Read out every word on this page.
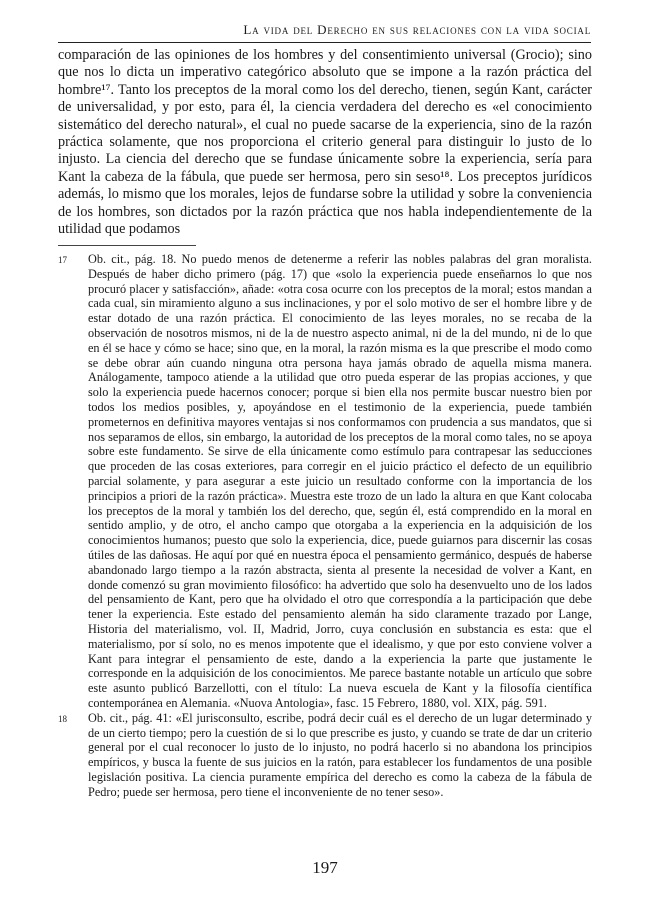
La vida del Derecho en sus relaciones con la vida social

comparación de las opiniones de los hombres y del consentimiento universal (Grocio); sino que nos lo dicta un imperativo categórico absoluto que se impone a la razón práctica del hombre¹⁷. Tanto los preceptos de la moral como los del derecho, tienen, según Kant, carácter de universalidad, y por esto, para él, la ciencia verdadera del derecho es «el conocimiento sistemático del derecho natural», el cual no puede sacarse de la experiencia, sino de la razón práctica solamente, que nos proporciona el criterio general para distinguir lo justo de lo injusto. La ciencia del derecho que se fundase únicamente sobre la experiencia, sería para Kant la cabeza de la fábula, que puede ser hermosa, pero sin seso¹⁸. Los preceptos jurídicos además, lo mismo que los morales, lejos de fundarse sobre la utilidad y sobre la conveniencia de los hombres, son dictados por la razón práctica que nos habla independientemente de la utilidad que podamos

17	Ob. cit., pág. 18. No puedo menos de detenerme a referir las nobles palabras del gran moralista. Después de haber dicho primero (pág. 17) que «solo la experiencia puede enseñarnos lo que nos procuró placer y satisfacción», añade: «otra cosa ocurre con los preceptos de la moral; estos mandan a cada cual, sin miramiento alguno a sus inclinaciones, y por el solo motivo de ser el hombre libre y de estar dotado de una razón práctica. El conocimiento de las leyes morales, no se recaba de la observación de nosotros mismos, ni de la de nuestro aspecto animal, ni de la del mundo, ni de lo que en él se hace y cómo se hace; sino que, en la moral, la razón misma es la que prescribe el modo como se debe obrar aún cuando ninguna otra persona haya jamás obrado de aquella misma manera. Análogamente, tampoco atiende a la utilidad que otro pueda esperar de las propias acciones, y que solo la experiencia puede hacernos conocer; porque si bien ella nos permite buscar nuestro bien por todos los medios posibles, y, apoyándose en el testimonio de la experiencia, puede también prometernos en definitiva mayores ventajas si nos conformamos con prudencia a sus mandatos, que si nos separamos de ellos, sin embargo, la autoridad de los preceptos de la moral como tales, no se apoya sobre este fundamento. Se sirve de ella únicamente como estímulo para contrapesar las seducciones que proceden de las cosas exteriores, para corregir en el juicio práctico el defecto de un equilibrio parcial solamente, y para asegurar a este juicio un resultado conforme con la importancia de los principios a priori de la razón práctica». Muestra este trozo de un lado la altura en que Kant colocaba los preceptos de la moral y también los del derecho, que, según él, está comprendido en la moral en sentido amplio, y de otro, el ancho campo que otorgaba a la experiencia en la adquisición de los conocimientos humanos; puesto que solo la experiencia, dice, puede guiarnos para discernir las cosas útiles de las dañosas. He aquí por qué en nuestra época el pensamiento germánico, después de haberse abandonado largo tiempo a la razón abstracta, sienta al presente la necesidad de volver a Kant, en donde comenzó su gran movimiento filosófico: ha advertido que solo ha desenvuelto uno de los lados del pensamiento de Kant, pero que ha olvidado el otro que correspondía a la participación que debe tener la experiencia. Este estado del pensamiento alemán ha sido claramente trazado por Lange, Historia del materialismo, vol. II, Madrid, Jorro, cuya conclusión en substancia es esta: que el materialismo, por sí solo, no es menos impotente que el idealismo, y que por esto conviene volver a Kant para integrar el pensamiento de este, dando a la experiencia la parte que justamente le corresponde en la adquisición de los conocimientos. Me parece bastante notable un artículo que sobre este asunto publicó Barzellotti, con el título: La nueva escuela de Kant y la filosofía científica contemporánea en Alemania. «Nuova Antologia», fasc. 15 Febrero, 1880, vol. XIX, pág. 591.
18	Ob. cit., pág. 41: «El jurisconsulto, escribe, podrá decir cuál es el derecho de un lugar determinado y de un cierto tiempo; pero la cuestión de si lo que prescribe es justo, y cuando se trate de dar un criterio general por el cual reconocer lo justo de lo injusto, no podrá hacerlo si no abandona los principios empíricos, y busca la fuente de sus juicios en la ratón, para establecer los fundamentos de una posible legislación positiva. La ciencia puramente empírica del derecho es como la cabeza de la fábula de Pedro; puede ser hermosa, pero tiene el inconveniente de no tener seso».
197
